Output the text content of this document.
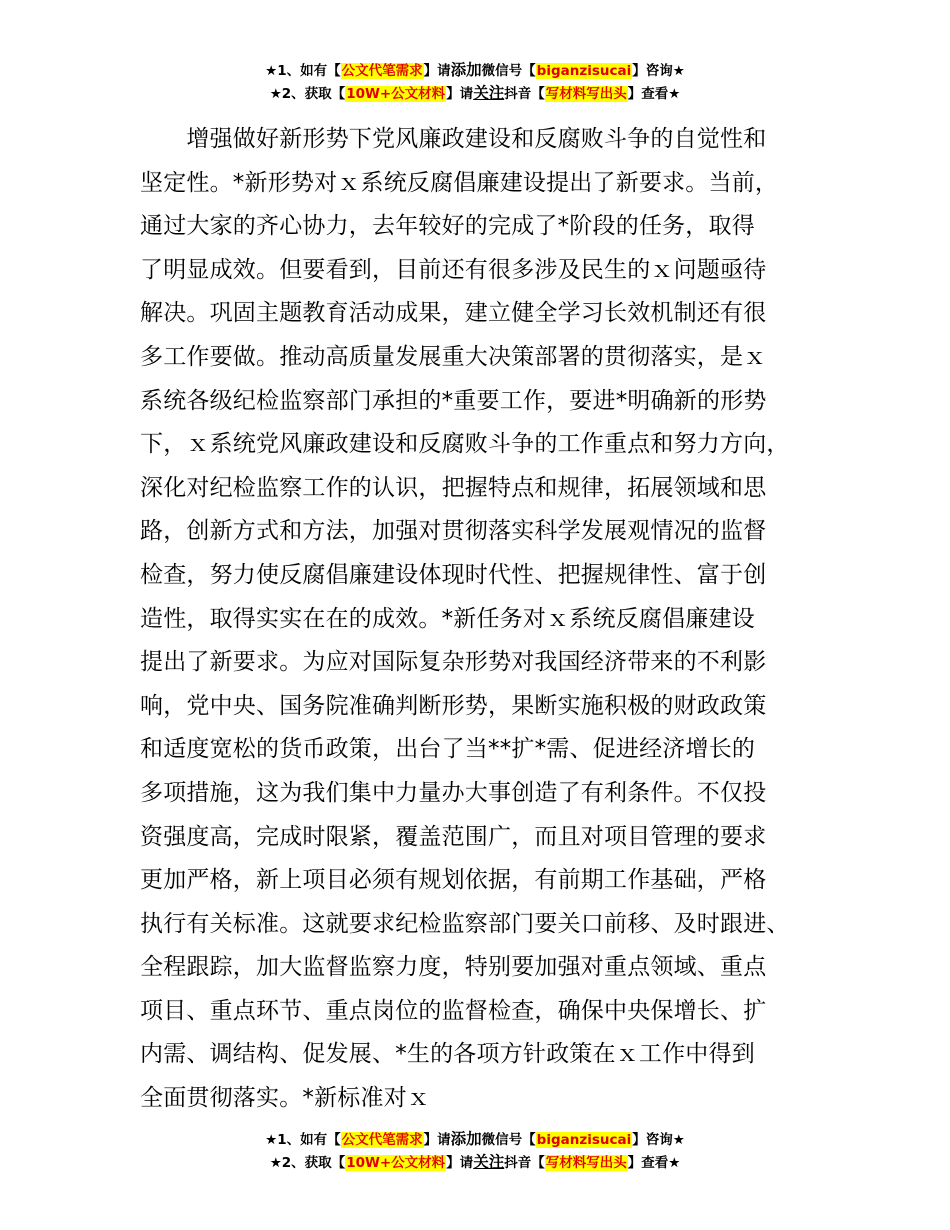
★1、如有【公文代笔需求】请添加微信号【biganzisucai】咨询★
★2、获取【10W+公文材料】请关注抖音【写材料写出头】查看★
　　增强做好新形势下党风廉政建设和反腐败斗争的自觉性和
坚定性。*新形势对ｘ系统反腐倡廉建设提出了新要求。当前，
通过大家的齐心协力，去年较好的完成了*阶段的任务，取得
了明显成效。但要看到，目前还有很多涉及民生的ｘ问题亟待
解决。巩固主题教育活动成果，建立健全学习长效机制还有很
多工作要做。推动高质量发展重大决策部署的贯彻落实，是ｘ
系统各级纪检监察部门承担的*重要工作，要进*明确新的形势
下，ｘ系统党风廉政建设和反腐败斗争的工作重点和努力方向，
深化对纪检监察工作的认识，把握特点和规律，拓展领域和思
路，创新方式和方法，加强对贯彻落实科学发展观情况的监督
检查，努力使反腐倡廉建设体现时代性、把握规律性、富于创
造性，取得实实在在的成效。*新任务对ｘ系统反腐倡廉建设
提出了新要求。为应对国际复杂形势对我国经济带来的不利影
响，党中央、国务院准确判断形势，果断实施积极的财政政策
和适度宽松的货币政策，出台了当**扩*需、促进经济增长的
多项措施，这为我们集中力量办大事创造了有利条件。不仅投
资强度高，完成时限紧，覆盖范围广，而且对项目管理的要求
更加严格，新上项目必须有规划依据，有前期工作基础，严格
执行有关标准。这就要求纪检监察部门要关口前移、及时跟进、
全程跟踪，加大监督监察力度，特别要加强对重点领域、重点
项目、重点环节、重点岗位的监督检查，确保中央保增长、扩
内需、调结构、促发展、*生的各项方针政策在ｘ工作中得到
全面贯彻落实。*新标准对ｘ
★1、如有【公文代笔需求】请添加微信号【biganzisucai】咨询★
★2、获取【10W+公文材料】请关注抖音【写材料写出头】查看★
